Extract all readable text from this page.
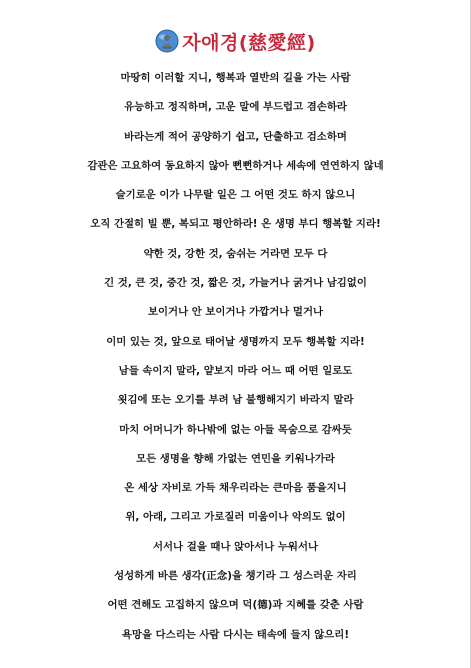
자애경(慈愛經)
마땅히 이러할 지니, 행복과 열반의 길을 가는 사람
유능하고 정직하며, 고운 말에 부드럽고 겸손하라
바라는게 적어 공양하기 쉽고, 단출하고 검소하며
감관은 고요하여 동요하지 않아 뻔뻔하거나 세속에 연연하지 않네
슬기로운 이가 나무랄 일은 그 어떤 것도 하지 않으니
오직 간절히 빌 뿐, 복되고 평안하라! 온 생명 부디 행복할 지라!
약한 것, 강한 것, 숨쉬는 거라면 모두 다
긴 것, 큰 것, 중간 것, 짧은 것, 가늘거나 굵거나 남김없이
보이거나 안 보이거나 가깝거나 멀거나
이미 있는 것, 앞으로 태어날 생명까지 모두 행복할 지라!
남들 속이지 말라, 얕보지 마라 어느 때 어떤 일로도
욋김에 또는 오기를 부려 남 불행해지기 바라지 말라
마치 어머니가 하나밖에 없는 아들 목숨으로 감싸듯
모든 생명을 향해 가없는 연민을 키워나가라
온 세상 자비로 가득 채우리라는 큰마음 품을지니
위, 아래, 그리고 가로질러 미움이나 악의도 없이
서서나 걸을 때나 앉아서나 누워서나
성성하게 바른 생각(正念)을 챙기라 그 성스러운 자리
어떤 견해도 고집하지 않으며 덕(德)과 지혜를 갖춘 사람
욕망을 다스리는 사람 다시는 태속에 들지 않으리!
